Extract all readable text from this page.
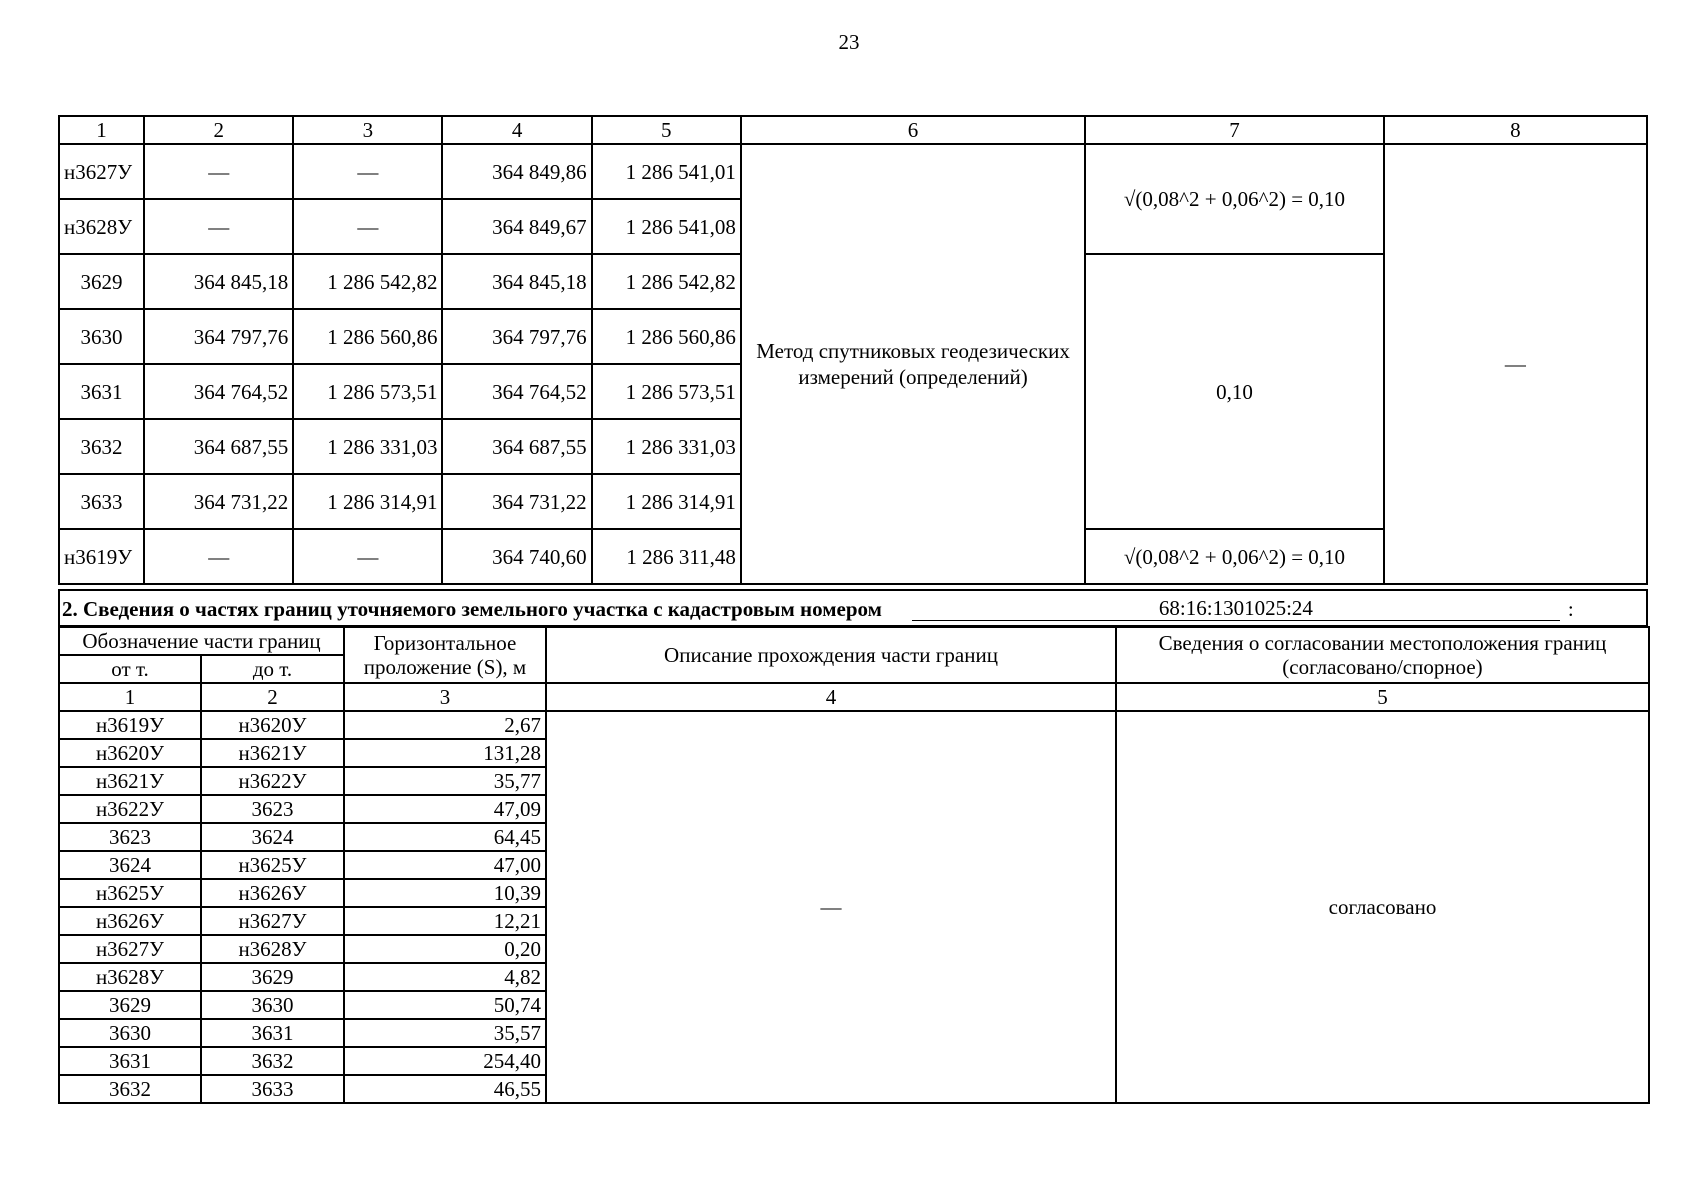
23
1	2	3	4	5	6	7	8
н3627У	—	—	364 849,86	1 286 541,01	Метод спутниковых геодезических измерений (определений)	√(0,08^2 + 0,06^2) = 0,10	—
н3628У	—	—	364 849,67	1 286 541,08			
3629	364 845,18	1 286 542,82	364 845,18	1 286 542,82		0,10	
3630	364 797,76	1 286 560,86	364 797,76	1 286 560,86			
3631	364 764,52	1 286 573,51	364 764,52	1 286 573,51			
3632	364 687,55	1 286 331,03	364 687,55	1 286 331,03			
3633	364 731,22	1 286 314,91	364 731,22	1 286 314,91			
н3619У	—	—	364 740,60	1 286 311,48		√(0,08^2 + 0,06^2) = 0,10	
2. Сведения о частях границ уточняемого земельного участка с кадастровым номером	68:16:1301025:24	:
Обозначение части границ		Горизонтальное проложение (S), м	Описание прохождения части границ	Сведения о согласовании местоположения границ (согласовано/спорное)
от т.	до т.			
1	2	3	4	5
н3619У	н3620У	2,67	—	согласовано
н3620У	н3621У	131,28		
н3621У	н3622У	35,77		
н3622У	3623	47,09		
3623	3624	64,45		
3624	н3625У	47,00		
н3625У	н3626У	10,39		
н3626У	н3627У	12,21		
н3627У	н3628У	0,20		
н3628У	3629	4,82		
3629	3630	50,74		
3630	3631	35,57		
3631	3632	254,40		
3632	3633	46,55		
